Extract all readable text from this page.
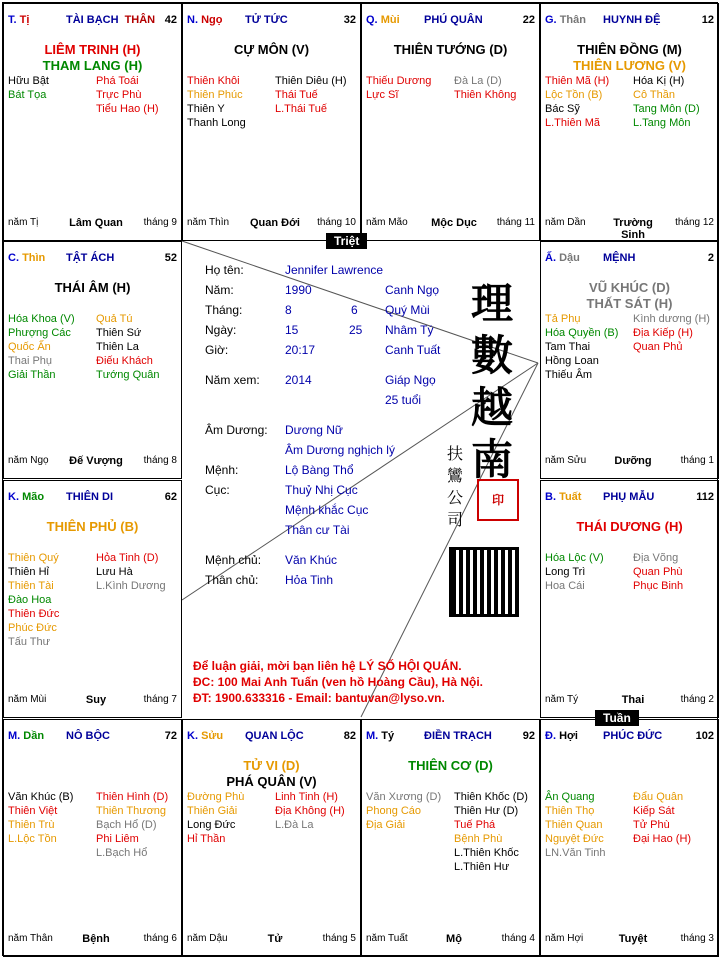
T. Tị	TÀI BẠCH THÂN 42
LIÊM TRINH (H)
THAM LANG (H)
Hữu Bật
Bát Tọa
Phá Toái
Trực Phù
Tiểu Hao (H)
năm Tị	Lâm Quan	tháng 9
N. Ngọ TỬ TỨC	32
CỰ MÔN (V)
Thiên Khôi
Thiên Phúc
Thiên Y
Thanh Long
Thiên Diêu (H)
Thái Tuế
L.Thái Tuế
năm Thìn	Quan Đới	tháng 10
Q. Mùi PHÚ QUÂN	22
THIÊN TƯỚNG (D)
Thiếu Dương
Lực Sĩ
Đà La (D)
Thiên Không
năm Mão	Mộc Dục	tháng 11
G. Thân HUYNH ĐỆ	12
THIÊN ĐỒNG (M)
THIÊN LƯƠNG (V)
Thiên Mã (H)
Lộc Tồn (B)
Bác Sỹ
L.Thiên Mã
Hóa Kị (H)
Cô Thần
Tang Môn (D)
L.Tang Môn
năm Dần	Trường Sinh
tháng 12
C. Thìn TẬT ÁCH	52
THÁI ÂM (H)
Hóa Khoa (V)
Phượng Các
Quốc Ấn
Thai Phụ
Giải Thần
Quả Tú
Thiên Sứ
Thiên La
Điếu Khách
Tướng Quân
năm Ngọ Đế Vượng	tháng 8
Ấ. Dậu MỆNH	2
VŨ KHÚC (D)
THẤT SÁT (H)
Tả Phụ
Hóa Quyền (B)
Tam Thai
Hồng Loan
Thiếu Âm
Kình dương (H)
Địa Kiếp (H)
Quan Phủ
năm Sửu	Dưỡng	tháng 1
K. Mão THIÊN DI	62
THIÊN PHỦ (B)
Thiên Quý
Thiên Hỉ
Thiên Tài
Đào Hoa
Thiên Đức
Phúc Đức
Tấu Thư
Hỏa Tinh (D)
Lưu Hà
L.Kình Dương
năm Mùi	Suy	tháng 7
B. Tuất PHỤ MẪU	112
THÁI DƯƠNG (H)
Hóa Lộc (V)
Long Trì
Hoa Cái
Địa Võng
Quan Phù
Phục Binh
năm Tý	Thai	tháng 2
M. Dần NÔ BỘC	72
Văn Khúc (B)
Thiên Việt
Thiên Trù
L.Lộc Tồn
Thiên Hình (D)
Thiên Thương
Bạch Hổ (D)
Phi Liêm
L.Bạch Hổ
năm Thân	Bệnh	tháng 6
K. Sửu QUAN LỘC	82
TỬ VI (D)
PHÁ QUÂN (V)
Đường Phù
Thiên Giải
Long Đức
Hỉ Thần
Linh Tinh (H)
Địa Không (H)
L.Đà La
năm Dậu	Tử	tháng 5
M. Tý	ĐIỀN TRẠCH	92
THIÊN CƠ (D)
Văn Xương (D)
Phong Cáo
Địa Giải
Thiên Khốc (D)
Thiên Hư (D)
Tuế Phá
Bệnh Phù
L.Thiên Khốc
L.Thiên Hư
năm Tuất	Mộ	tháng 4
Đ. Hợi PHÚC ĐỨC	102
Ân Quang
Thiên Thọ
Thiên Quan
Nguyệt Đức
LN.Văn Tinh
Đẩu Quân
Kiếp Sát
Tử Phù
Đại Hao (H)
năm Hợi	Tuyệt	tháng 3
Họ tên:	Jennifer Lawrence
Năm:	1990	Canh Ngọ
Tháng:	8	6 Quý Mùi
Ngày:	15	25 Nhâm Tý
Giờ:	20:17	Canh Tuất
Năm xem: 2014	Giáp Ngọ
25 tuổi
Âm Dương: Dương Nữ
Âm Dương nghịch lý
Mệnh:	Lộ Bàng Thổ
Cục:	Thuỷ Nhị Cục
Mệnh khắc Cục
Thân cư Tài
Mệnh chủ: Văn Khúc
Thân chủ: Hỏa Tinh
理
數
越
南
扶
鸞
公
司
印
Để luận giải, mời bạn liên hệ LÝ SỐ HỘI QUÁN.
ĐC: 100 Mai Anh Tuấn (ven hồ Hoàng Cầu), Hà Nội.
ĐT: 1900.633316 - Email: bantuvan@lyso.vn.
Triệt
Tuần
